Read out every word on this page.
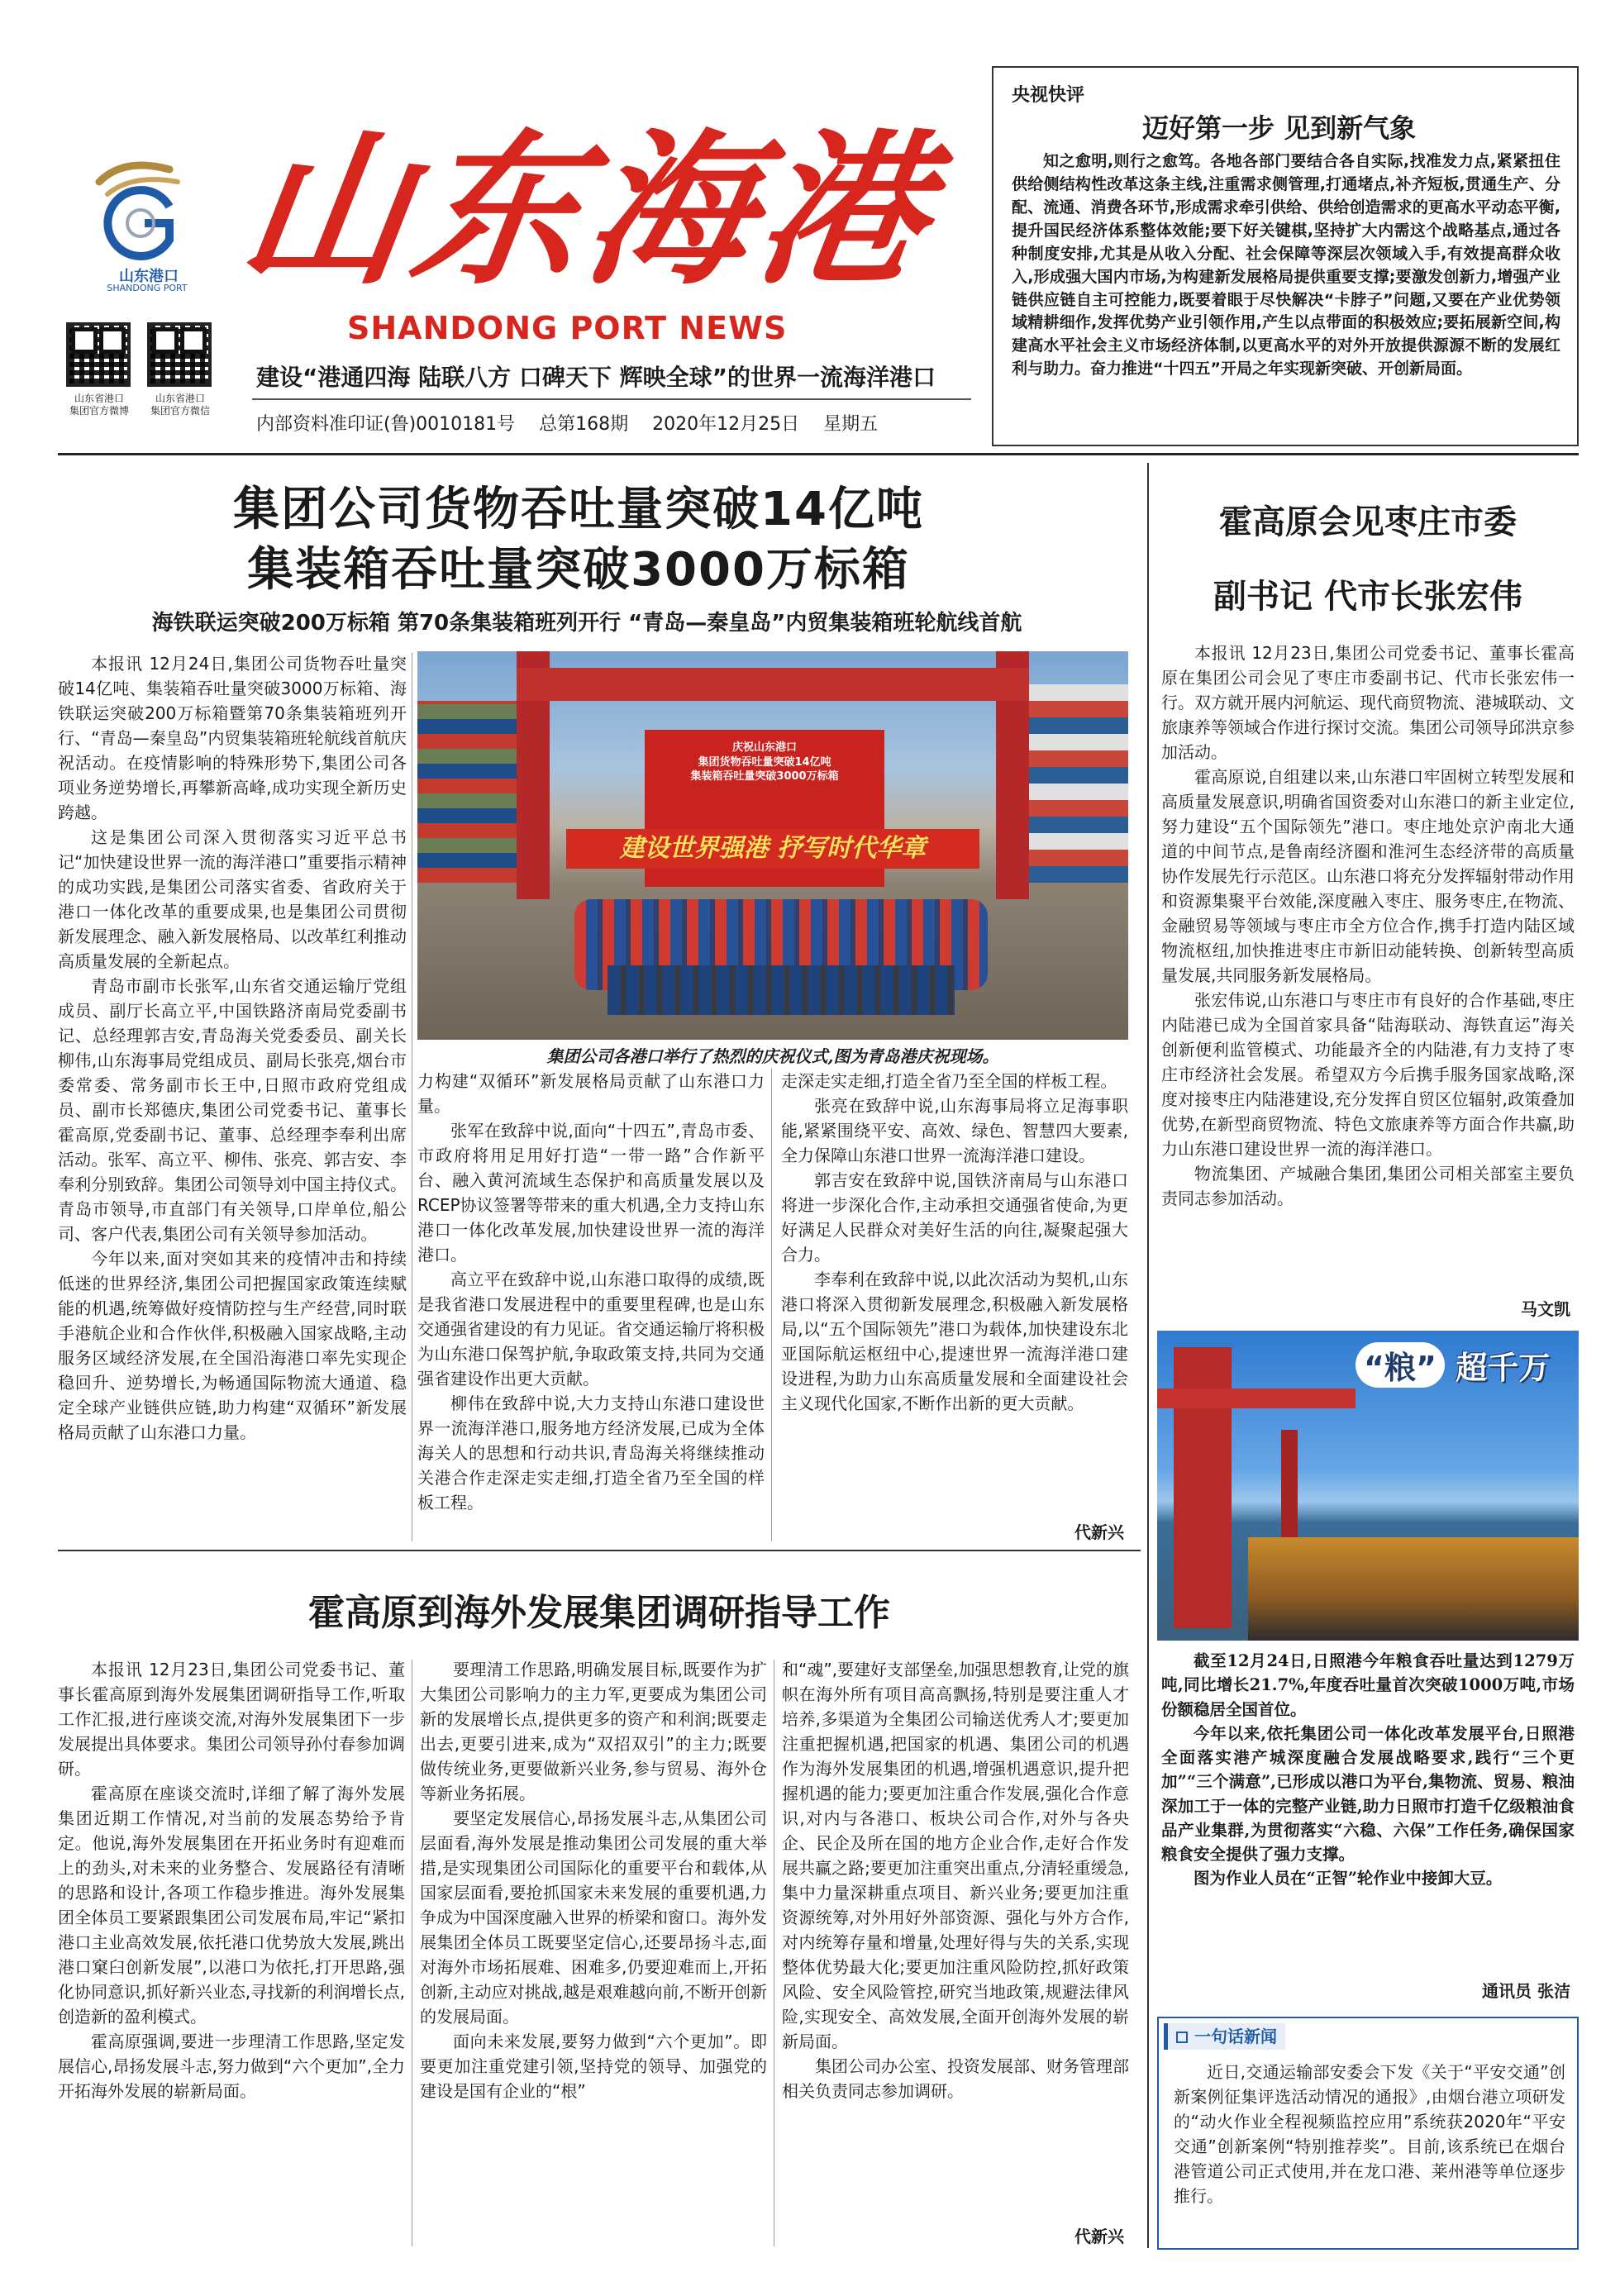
山东港口
SHANDONG PORT 山东海港
SHANDONG PORT NEWS
山东省港口
集团官方微博
山东省港口
集团官方微信
建设“港通四海 陆联八方 口碑天下 辉映全球”的世界一流海洋港口
内部资料准印证(鲁)0010181号 总第168期 2020年12月25日 星期五
央视快评
迈好第一步 见到新气象
知之愈明,则行之愈笃。各地各部门要结合各自实际,找准发力点,紧紧扭住供给侧结构性改革这条主线,注重需求侧管理,打通堵点,补齐短板,贯通生产、分配、流通、消费各环节,形成需求牵引供给、供给创造需求的更高水平动态平衡,提升国民经济体系整体效能;要下好关键棋,坚持扩大内需这个战略基点,通过各种制度安排,尤其是从收入分配、社会保障等深层次领域入手,有效提高群众收入,形成强大国内市场,为构建新发展格局提供重要支撑;要激发创新力,增强产业链供应链自主可控能力,既要着眼于尽快解决“卡脖子”问题,又要在产业优势领域精耕细作,发挥优势产业引领作用,产生以点带面的积极效应;要拓展新空间,构建高水平社会主义市场经济体制,以更高水平的对外开放提供源源不断的发展红利与助力。奋力推进“十四五”开局之年实现新突破、开创新局面。
集团公司货物吞吐量突破14亿吨
集装箱吞吐量突破3000万标箱
海铁联运突破200万标箱 第70条集装箱班列开行 “青岛—秦皇岛”内贸集装箱班轮航线首航

本报讯 12月24日,集团公司货物吞吐量突破14亿吨、集装箱吞吐量突破3000万标箱、海铁联运突破200万标箱暨第70条集装箱班列开行、“青岛—秦皇岛”内贸集装箱班轮航线首航庆祝活动。在疫情影响的特殊形势下,集团公司各项业务逆势增长,再攀新高峰,成功实现全新历史跨越。

这是集团公司深入贯彻落实习近平总书记“加快建设世界一流的海洋港口”重要指示精神的成功实践,是集团公司落实省委、省政府关于港口一体化改革的重要成果,也是集团公司贯彻新发展理念、融入新发展格局、以改革红利推动高质量发展的全新起点。

青岛市副市长张军,山东省交通运输厅党组成员、副厅长高立平,中国铁路济南局党委副书记、总经理郭吉安,青岛海关党委委员、副关长柳伟,山东海事局党组成员、副局长张亮,烟台市委常委、常务副市长王中,日照市政府党组成员、副市长郑德庆,集团公司党委书记、董事长霍高原,党委副书记、董事、总经理李奉利出席活动。张军、高立平、柳伟、张亮、郭吉安、李奉利分别致辞。集团公司领导刘中国主持仪式。青岛市领导,市直部门有关领导,口岸单位,船公司、客户代表,集团公司有关领导参加活动。

今年以来,面对突如其来的疫情冲击和持续低迷的世界经济,集团公司把握国家政策连续赋能的机遇,统筹做好疫情防控与生产经营,同时联手港航企业和合作伙伴,积极融入国家战略,主动服务区域经济发展,在全国沿海港口率先实现企稳回升、逆势增长,为畅通国际物流大通道、稳定全球产业链供应链,助力构建“双循环”新发展格局贡献了山东港口力量。

庆祝山东港口
集团货物吞吐量突破14亿吨
集装箱吞吐量突破3000万标箱
建设世界强港 抒写时代华章
集团公司各港口举行了热烈的庆祝仪式,图为青岛港庆祝现场。

力构建“双循环”新发展格局贡献了山东港口力量。

张军在致辞中说,面向“十四五”,青岛市委、市政府将用足用好打造“一带一路”合作新平台、融入黄河流域生态保护和高质量发展以及RCEP协议签署等带来的重大机遇,全力支持山东港口一体化改革发展,加快建设世界一流的海洋港口。

高立平在致辞中说,山东港口取得的成绩,既是我省港口发展进程中的重要里程碑,也是山东交通强省建设的有力见证。省交通运输厅将积极为山东港口保驾护航,争取政策支持,共同为交通强省建设作出更大贡献。

柳伟在致辞中说,大力支持山东港口建设世界一流海洋港口,服务地方经济发展,已成为全体海关人的思想和行动共识,青岛海关将继续推动关港合作走深走实走细,打造全省乃至全国的样板工程。

走深走实走细,打造全省乃至全国的样板工程。

张亮在致辞中说,山东海事局将立足海事职能,紧紧围绕平安、高效、绿色、智慧四大要素,全力保障山东港口世界一流海洋港口建设。

郭吉安在致辞中说,国铁济南局与山东港口将进一步深化合作,主动承担交通强省使命,为更好满足人民群众对美好生活的向往,凝聚起强大合力。

李奉利在致辞中说,以此次活动为契机,山东港口将深入贯彻新发展理念,积极融入新发展格局,以“五个国际领先”港口为载体,加快建设东北亚国际航运枢纽中心,提速世界一流海洋港口建设进程,为助力山东高质量发展和全面建设社会主义现代化国家,不断作出新的更大贡献。

代新兴
霍高原会见枣庄市委
副书记 代市长张宏伟

本报讯 12月23日,集团公司党委书记、董事长霍高原在集团公司会见了枣庄市委副书记、代市长张宏伟一行。双方就开展内河航运、现代商贸物流、港城联动、文旅康养等领域合作进行探讨交流。集团公司领导邱洪京参加活动。

霍高原说,自组建以来,山东港口牢固树立转型发展和高质量发展意识,明确省国资委对山东港口的新主业定位,努力建设“五个国际领先”港口。枣庄地处京沪南北大通道的中间节点,是鲁南经济圈和淮河生态经济带的高质量协作发展先行示范区。山东港口将充分发挥辐射带动作用和资源集聚平台效能,深度融入枣庄、服务枣庄,在物流、金融贸易等领域与枣庄市全方位合作,携手打造内陆区域物流枢纽,加快推进枣庄市新旧动能转换、创新转型高质量发展,共同服务新发展格局。

张宏伟说,山东港口与枣庄市有良好的合作基础,枣庄内陆港已成为全国首家具备“陆海联动、海铁直运”海关创新便利监管模式、功能最齐全的内陆港,有力支持了枣庄市经济社会发展。希望双方今后携手服务国家战略,深度对接枣庄内陆港建设,充分发挥自贸区位辐射,政策叠加优势,在新型商贸物流、特色文旅康养等方面合作共赢,助力山东港口建设世界一流的海洋港口。

物流集团、产城融合集团,集团公司相关部室主要负责同志参加活动。

马文凯
“粮” 超千万

截至12月24日,日照港今年粮食吞吐量达到1279万吨,同比增长21.7%,年度吞吐量首次突破1000万吨,市场份额稳居全国首位。

今年以来,依托集团公司一体化改革发展平台,日照港全面落实港产城深度融合发展战略要求,践行“三个更加”“三个满意”,已形成以港口为平台,集物流、贸易、粮油深加工于一体的完整产业链,助力日照市打造千亿级粮油食品产业集群,为贯彻落实“六稳、六保”工作任务,确保国家粮食安全提供了强力支撑。

图为作业人员在“正智”轮作业中接卸大豆。

通讯员 张洁
一句话新闻
近日,交通运输部安委会下发《关于“平安交通”创新案例征集评选活动情况的通报》,由烟台港立项研发的“动火作业全程视频监控应用”系统获2020年“平安交通”创新案例“特别推荐奖”。目前,该系统已在烟台港管道公司正式使用,并在龙口港、莱州港等单位逐步推行。
霍高原到海外发展集团调研指导工作

本报讯 12月23日,集团公司党委书记、董事长霍高原到海外发展集团调研指导工作,听取工作汇报,进行座谈交流,对海外发展集团下一步发展提出具体要求。集团公司领导孙付春参加调研。

霍高原在座谈交流时,详细了解了海外发展集团近期工作情况,对当前的发展态势给予肯定。他说,海外发展集团在开拓业务时有迎难而上的劲头,对未来的业务整合、发展路径有清晰的思路和设计,各项工作稳步推进。海外发展集团全体员工要紧跟集团公司发展布局,牢记“紧扣港口主业高效发展,依托港口优势放大发展,跳出港口窠臼创新发展”,以港口为依托,打开思路,强化协同意识,抓好新兴业态,寻找新的利润增长点,创造新的盈利模式。

霍高原强调,要进一步理清工作思路,坚定发展信心,昂扬发展斗志,努力做到“六个更加”,全力开拓海外发展的崭新局面。

要理清工作思路,明确发展目标,既要作为扩大集团公司影响力的主力军,更要成为集团公司新的发展增长点,提供更多的资产和利润;既要走出去,更要引进来,成为“双招双引”的主力;既要做传统业务,更要做新兴业务,参与贸易、海外仓等新业务拓展。

要坚定发展信心,昂扬发展斗志,从集团公司层面看,海外发展是推动集团公司发展的重大举措,是实现集团公司国际化的重要平台和载体,从国家层面看,要抢抓国家未来发展的重要机遇,力争成为中国深度融入世界的桥梁和窗口。海外发展集团全体员工既要坚定信心,还要昂扬斗志,面对海外市场拓展难、困难多,仍要迎难而上,开拓创新,主动应对挑战,越是艰难越向前,不断开创新的发展局面。

面向未来发展,要努力做到“六个更加”。即要更加注重党建引领,坚持党的领导、加强党的建设是国有企业的“根”

和“魂”,要建好支部堡垒,加强思想教育,让党的旗帜在海外所有项目高高飘扬,特别是要注重人才培养,多渠道为全集团公司输送优秀人才;要更加注重把握机遇,把国家的机遇、集团公司的机遇作为海外发展集团的机遇,增强机遇意识,提升把握机遇的能力;要更加注重合作发展,强化合作意识,对内与各港口、板块公司合作,对外与各央企、民企及所在国的地方企业合作,走好合作发展共赢之路;要更加注重突出重点,分清轻重缓急,集中力量深耕重点项目、新兴业务;要更加注重资源统筹,对外用好外部资源、强化与外方合作,对内统筹存量和增量,处理好得与失的关系,实现整体优势最大化;要更加注重风险防控,抓好政策风险、安全风险管控,研究当地政策,规避法律风险,实现安全、高效发展,全面开创海外发展的崭新局面。

集团公司办公室、投资发展部、财务管理部相关负责同志参加调研。

代新兴
